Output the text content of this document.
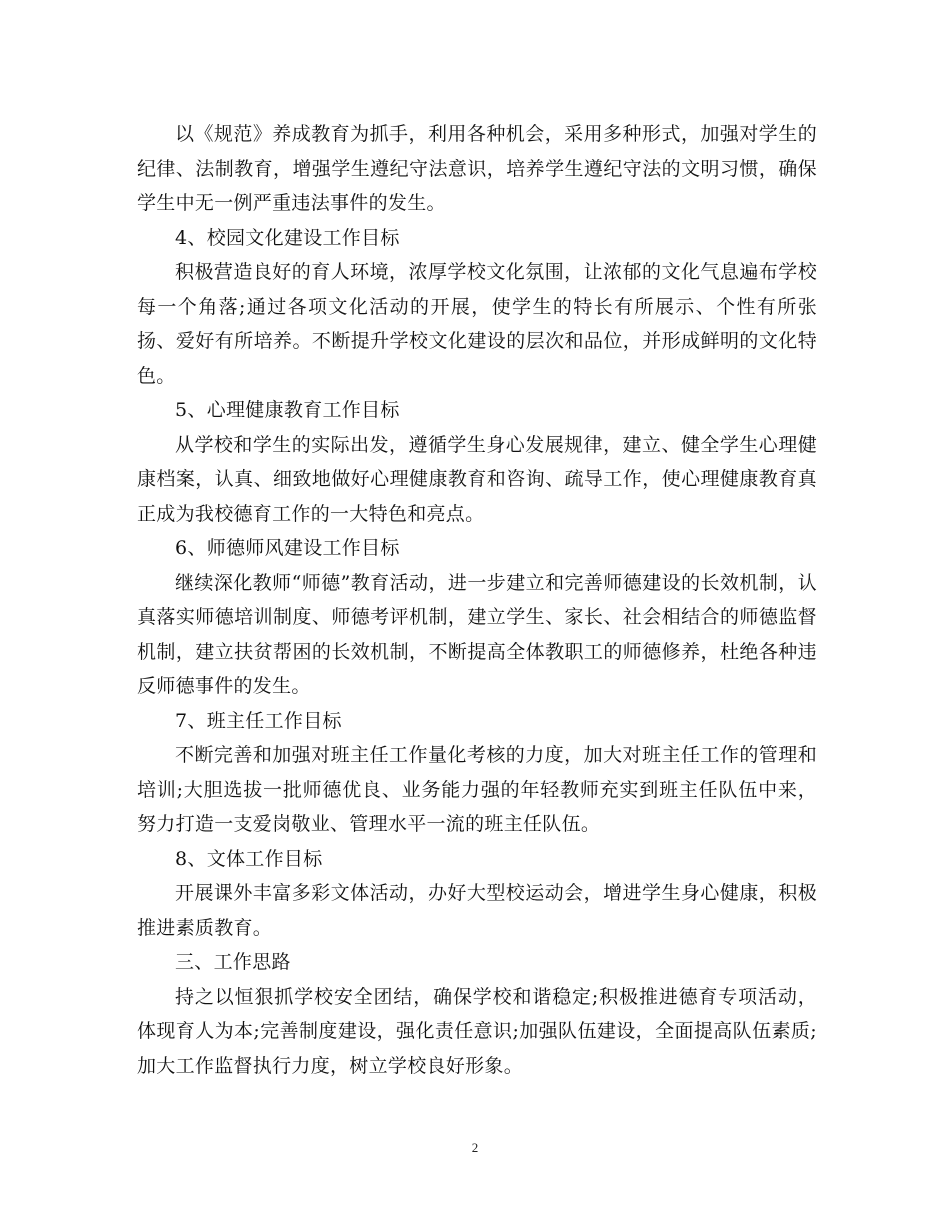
以《规范》养成教育为抓手，利用各种机会，采用多种形式，加强对学生的纪律、法制教育，增强学生遵纪守法意识，培养学生遵纪守法的文明习惯，确保学生中无一例严重违法事件的发生。

4、校园文化建设工作目标

积极营造良好的育人环境，浓厚学校文化氛围，让浓郁的文化气息遍布学校每一个角落;通过各项文化活动的开展，使学生的特长有所展示、个性有所张扬、爱好有所培养。不断提升学校文化建设的层次和品位，并形成鲜明的文化特色。

5、心理健康教育工作目标

从学校和学生的实际出发，遵循学生身心发展规律，建立、健全学生心理健康档案，认真、细致地做好心理健康教育和咨询、疏导工作，使心理健康教育真正成为我校德育工作的一大特色和亮点。

6、师德师风建设工作目标

继续深化教师“师德”教育活动，进一步建立和完善师德建设的长效机制，认真落实师德培训制度、师德考评机制，建立学生、家长、社会相结合的师德监督机制，建立扶贫帮困的长效机制，不断提高全体教职工的师德修养，杜绝各种违反师德事件的发生。

7、班主任工作目标

不断完善和加强对班主任工作量化考核的力度，加大对班主任工作的管理和培训;大胆选拔一批师德优良、业务能力强的年轻教师充实到班主任队伍中来，努力打造一支爱岗敬业、管理水平一流的班主任队伍。

8、文体工作目标

开展课外丰富多彩文体活动，办好大型校运动会，增进学生身心健康，积极推进素质教育。

三、工作思路

持之以恒狠抓学校安全团结，确保学校和谐稳定;积极推进德育专项活动，体现育人为本;完善制度建设，强化责任意识;加强队伍建设，全面提高队伍素质;加大工作监督执行力度，树立学校良好形象。

2
